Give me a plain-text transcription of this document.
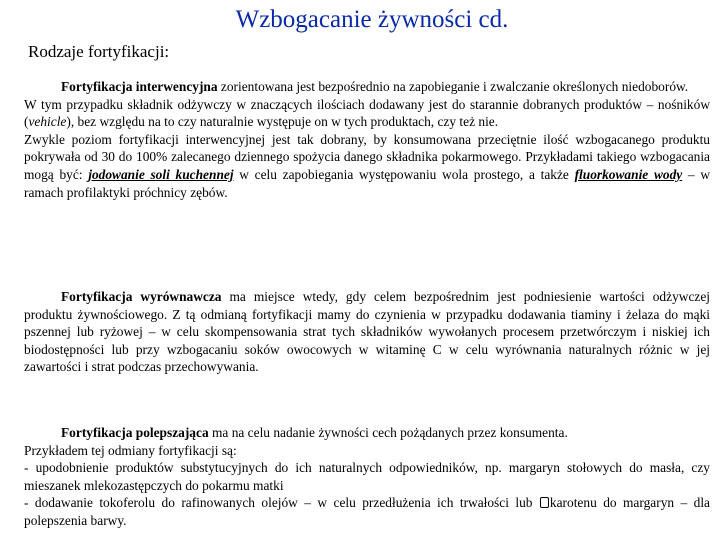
Wzbogacanie żywności cd.
Rodzaje fortyfikacji:

Fortyfikacja interwencyjna zorientowana jest bezpośrednio na zapobieganie i zwalczanie określonych niedoborów.

W tym przypadku składnik odżywczy w znaczących ilościach dodawany jest do starannie dobranych produktów – nośników (vehicle), bez względu na to czy naturalnie występuje on w tych produktach, czy też nie.

Zwykle poziom fortyfikacji interwencyjnej jest tak dobrany, by konsumowana przeciętnie ilość wzbogacanego produktu pokrywała od 30 do 100% zalecanego dziennego spożycia danego składnika pokarmowego. Przykładami takiego wzbogacania mogą być: jodowanie soli kuchennej w celu zapobiegania występowaniu wola prostego, a także fluorkowanie wody – w ramach profilaktyki próchnicy zębów.

Fortyfikacja wyrównawcza ma miejsce wtedy, gdy celem bezpośrednim jest podniesienie wartości odżywczej produktu żywnościowego. Z tą odmianą fortyfikacji mamy do czynienia w przypadku dodawania tiaminy i żelaza do mąki pszennej lub ryżowej – w celu skompensowania strat tych składników wywołanych procesem przetwórczym i niskiej ich biodostępności lub przy wzbogacaniu soków owocowych w witaminę C w celu wyrównania naturalnych różnic w jej zawartości i strat podczas przechowywania.

Fortyfikacja polepszająca ma na celu nadanie żywności cech pożądanych przez konsumenta.

Przykładem tej odmiany fortyfikacji są:

- upodobnienie produktów substytucyjnych do ich naturalnych odpowiedników, np. margaryn stołowych do masła, czy mieszanek mlekozastępczych do pokarmu matki

- dodawanie tokoferolu do rafinowanych olejów – w celu przedłużenia ich trwałości lub karotenu do margaryn – dla polepszenia barwy.
